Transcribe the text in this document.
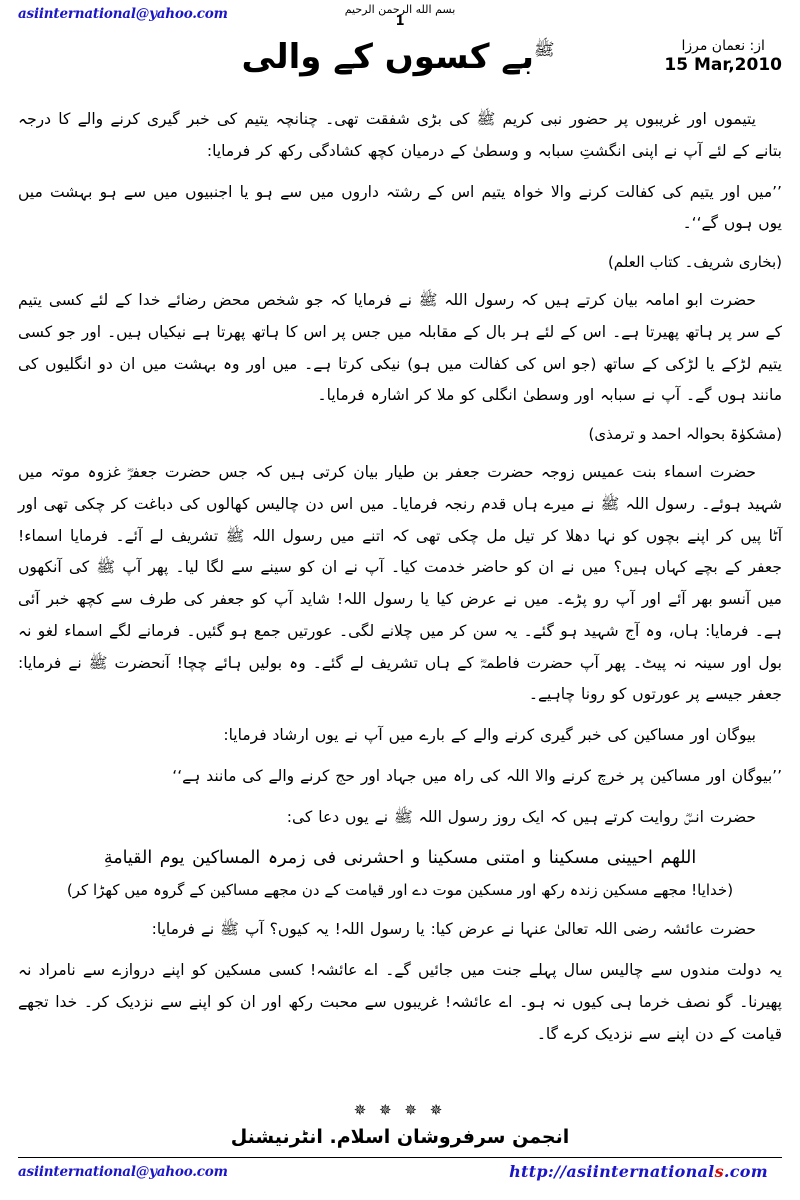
asiinternational@yahoo.com	بسم الله الرحمن الرحيم
1
از: نعمان مرزا
15 Mar,2010
ﷺبے کسوں کے والی

یتیموں اور غریبوں پر حضور نبی کریم ﷺ کی بڑی شفقت تھی۔ چنانچہ یتیم کی خبر گیری کرنے والے کا درجہ بتانے کے لئے آپ نے اپنی انگشتِ سبابہ و وسطیٰ کے درمیان کچھ کشادگی رکھ کر فرمایا:

’’میں اور یتیم کی کفالت کرنے والا خواہ یتیم اس کے رشتہ داروں میں سے ہو یا اجنبیوں میں سے ہو بہشت میں یوں ہوں گے‘‘۔

(بخاری شریف۔ کتاب العلم)

حضرت ابو امامہ بیان کرتے ہیں کہ رسول اللہ ﷺ نے فرمایا کہ جو شخص محض رضائے خدا کے لئے کسی یتیم کے سر پر ہاتھ پھیرتا ہے۔ اس کے لئے ہر بال کے مقابلہ میں جس پر اس کا ہاتھ پھرتا ہے نیکیاں ہیں۔ اور جو کسی یتیم لڑکے یا لڑکی کے ساتھ (جو اس کی کفالت میں ہو) نیکی کرتا ہے۔ میں اور وہ بہشت میں ان دو انگلیوں کی مانند ہوں گے۔ آپ نے سبابہ اور وسطیٰ انگلی کو ملا کر اشارہ فرمایا۔

(مشکوٰۃ بحوالہ احمد و ترمذی)

حضرت اسماء بنت عمیس زوجہ حضرت جعفر بن طیار بیان کرتی ہیں کہ جس حضرت جعفرؓ غزوہ موتہ میں شہید ہوئے۔ رسول اللہ ﷺ نے میرے ہاں قدم رنجہ فرمایا۔ میں اس دن چالیس کھالوں کی دباغت کر چکی تھی اور آٹا پیں کر اپنے بچوں کو نہا دھلا کر تیل مل چکی تھی کہ اتنے میں رسول اللہ ﷺ تشریف لے آئے۔ فرمایا اسماء! جعفر کے بچے کہاں ہیں؟ میں نے ان کو حاضر خدمت کیا۔ آپ نے ان کو سینے سے لگا لیا۔ پھر آپ ﷺ کی آنکھوں میں آنسو بھر آئے اور آپ رو پڑے۔ میں نے عرض کیا یا رسول اللہ! شاید آپ کو جعفر کی طرف سے کچھ خبر آئی ہے۔ فرمایا: ہاں، وہ آج شہید ہو گئے۔ یہ سن کر میں چلانے لگی۔ عورتیں جمع ہو گئیں۔ فرمانے لگے اسماء لغو نہ بول اور سینہ نہ پیٹ۔ پھر آپ حضرت فاطمہؓ کے ہاں تشریف لے گئے۔ وہ بولیں ہائے چچا! آنحضرت ﷺ نے فرمایا: جعفر جیسے پر عورتوں کو رونا چاہیے۔

بیوگان اور مساکین کی خبر گیری کرنے والے کے بارے میں آپ نے یوں ارشاد فرمایا:

’’بیوگان اور مساکین پر خرچ کرنے والا اللہ کی راہ میں جہاد اور حج کرنے والے کی مانند ہے‘‘

حضرت انسؓ روایت کرتے ہیں کہ ایک روز رسول اللہ ﷺ نے یوں دعا کی:

اللهم احيينى مسكينا و امتنى مسكينا و احشرنى فى زمرہ المساكين يوم القيامةِ

(خدایا! مجھے مسکین زندہ رکھ اور مسکین موت دے اور قیامت کے دن مجھے مساکین کے گروہ میں کھڑا کر)

حضرت عائشہ رضی اللہ تعالیٰ عنہا نے عرض کیا: یا رسول اللہ! یہ کیوں؟ آپ ﷺ نے فرمایا:

یہ دولت مندوں سے چالیس سال پہلے جنت میں جائیں گے۔ اے عائشہ! کسی مسکین کو اپنے دروازے سے نامراد نہ پھیرنا۔ گو نصف خرما ہی کیوں نہ ہو۔ اے عائشہ! غریبوں سے محبت رکھ اور ان کو اپنے سے نزدیک کر۔ خدا تجھے قیامت کے دن اپنے سے نزدیک کرے گا۔

✵ ✵ ✵ ✵
انجمن سرفروشان اسلام. انٹرنیشنل
asiinternational@yahoo.com	http://asiinternationals.com
